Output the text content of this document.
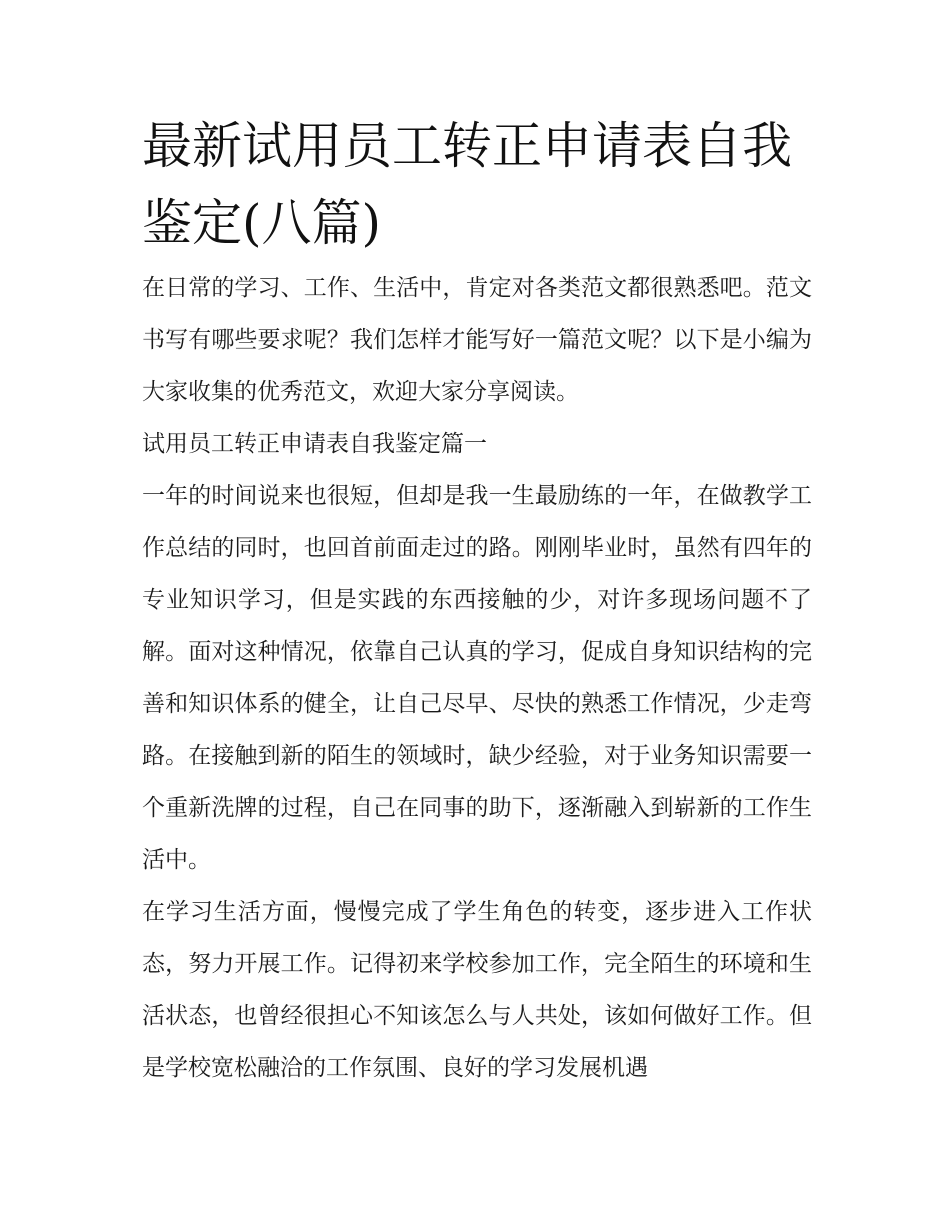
最新试用员工转正申请表自我鉴定(八篇)

在日常的学习、工作、生活中，肯定对各类范文都很熟悉吧。范文书写有哪些要求呢？我们怎样才能写好一篇范文呢？以下是小编为大家收集的优秀范文，欢迎大家分享阅读。

试用员工转正申请表自我鉴定篇一

一年的时间说来也很短，但却是我一生最励练的一年，在做教学工作总结的同时，也回首前面走过的路。刚刚毕业时，虽然有四年的专业知识学习，但是实践的东西接触的少，对许多现场问题不了解。面对这种情况，依靠自己认真的学习，促成自身知识结构的完善和知识体系的健全，让自己尽早、尽快的熟悉工作情况，少走弯路。在接触到新的陌生的领域时，缺少经验，对于业务知识需要一个重新洗牌的过程，自己在同事的助下，逐渐融入到崭新的工作生活中。

在学习生活方面，慢慢完成了学生角色的转变，逐步进入工作状态，努力开展工作。记得初来学校参加工作，完全陌生的环境和生活状态，也曾经很担心不知该怎么与人共处，该如何做好工作。但是学校宽松融洽的工作氛围、良好的学习发展机遇
